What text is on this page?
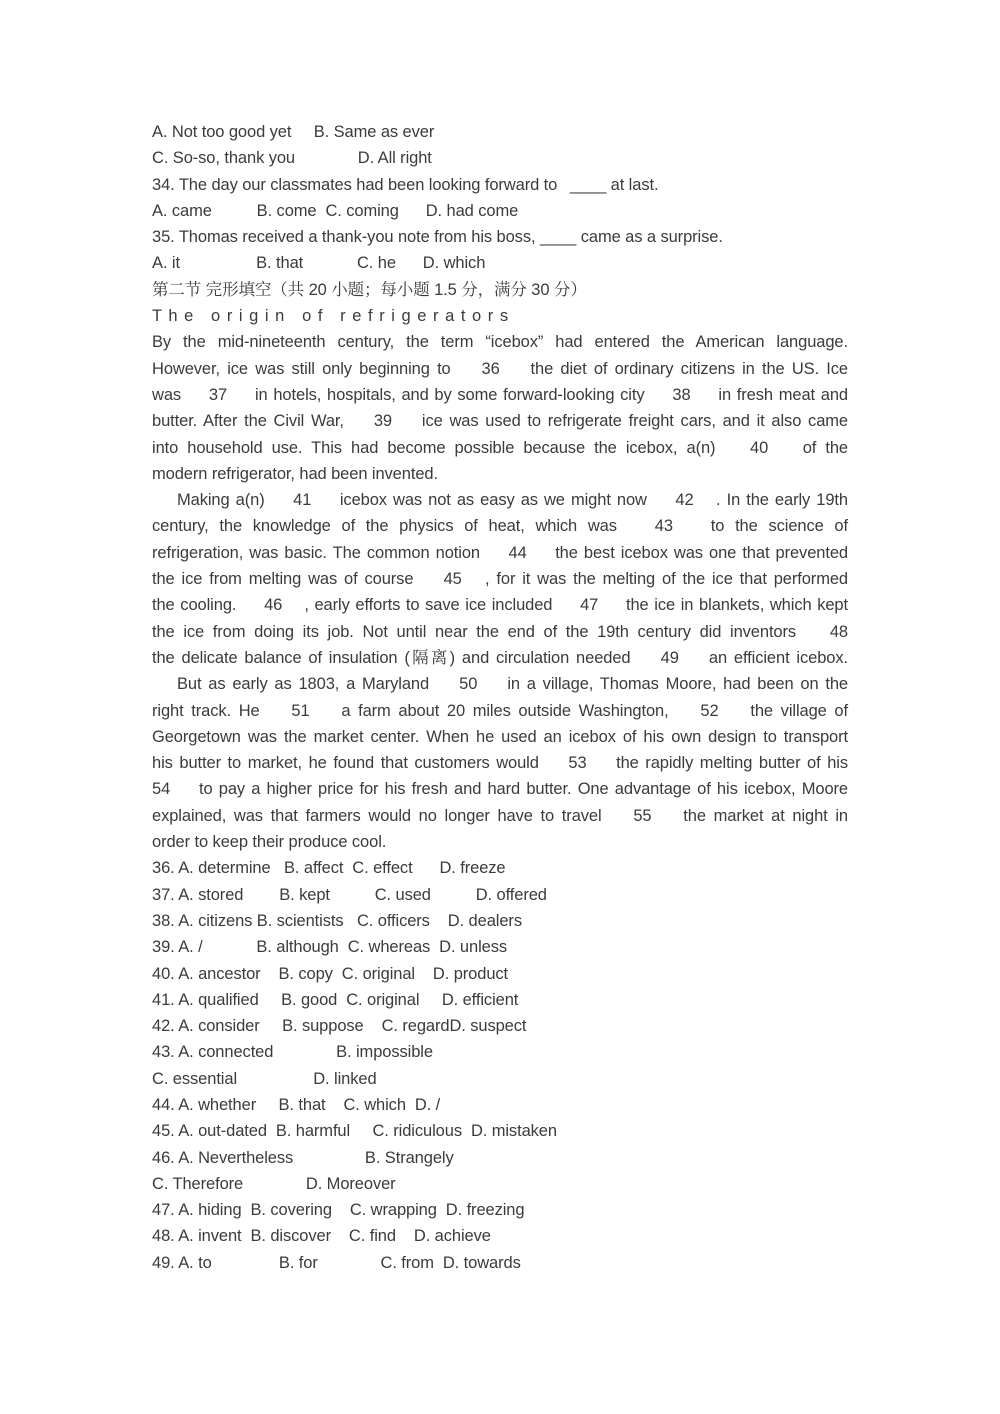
A. Not too good yet     B. Same as ever
C. So-so, thank you              D. All right
34. The day our classmates had been looking forward to  ____ at last.
A. came          B. come  C. coming      D. had come
35. Thomas received a thank-you note from his boss, ____ came as a surprise.
A. it                 B. that            C. he      D. which
第二节 完形填空（共 20 小题；每小题 1.5 分，满分 30 分）
T h e   o r i g i n   o f   r e f r i g e r a t o r s
By the mid-nineteenth century, the term “icebox” had entered the American language.
However, ice was still only beginning to   36   the diet of ordinary citizens in the US. Ice
was   37   in hotels, hospitals, and by some forward-looking city   38   in fresh meat and
butter. After the Civil War,   39   ice was used to refrigerate freight cars, and it also came
into household use. This had become possible because the icebox, a(n)   40   of the
modern refrigerator, had been invented.
Making a(n)   41   icebox was not as easy as we might now   42  . In the early 19th
century, the knowledge of the physics of heat, which was   43   to the science of
refrigeration, was basic. The common notion   44   the best icebox was one that prevented
the ice from melting was of course   45  , for it was the melting of the ice that performed
the cooling.   46  , early efforts to save ice included   47   the ice in blankets, which kept
the ice from doing its job. Not until near the end of the 19th century did inventors   48
the delicate balance of insulation (隔离) and circulation needed   49   an efficient icebox.
But as early as 1803, a Maryland   50   in a village, Thomas Moore, had been on the
right track. He   51   a farm about 20 miles outside Washington,   52   the village of
Georgetown was the market center. When he used an icebox of his own design to transport
his butter to market, he found that customers would   53   the rapidly melting butter of his
54   to pay a higher price for his fresh and hard butter. One advantage of his icebox, Moore
explained, was that farmers would no longer have to travel   55   the market at night in
order to keep their produce cool.
36. A. determine   B. affect  C. effect      D. freeze
37. A. stored        B. kept          C. used          D. offered
38. A. citizens B. scientists   C. officers    D. dealers
39. A. /            B. although  C. whereas  D. unless
40. A. ancestor    B. copy  C. original    D. product
41. A. qualified     B. good  C. original     D. efficient
42. A. consider     B. suppose    C. regardD. suspect
43. A. connected              B. impossible
C. essential                 D. linked
44. A. whether     B. that    C. which  D. /
45. A. out-dated  B. harmful     C. ridiculous  D. mistaken
46. A. Nevertheless                B. Strangely
C. Therefore              D. Moreover
47. A. hiding  B. covering    C. wrapping  D. freezing
48. A. invent  B. discover    C. find    D. achieve
49. A. to               B. for              C. from  D. towards
